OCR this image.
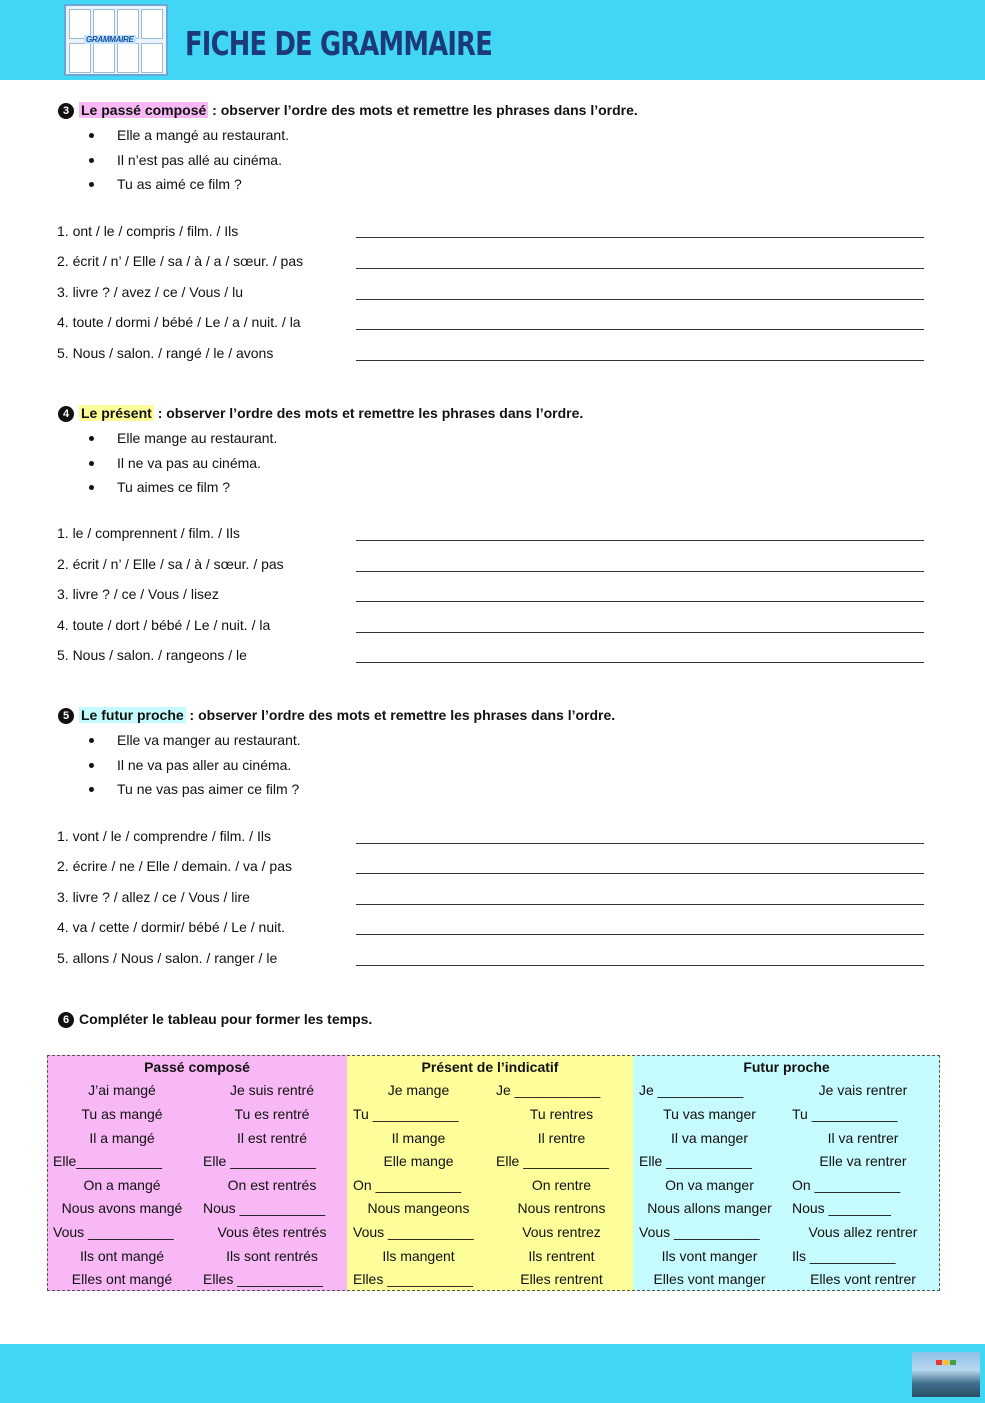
GRAMMAIRE FICHE DE GRAMMAIRE
3 Le passé composé : observer l’ordre des mots et remettre les phrases dans l’ordre.
Elle a mangé au restaurant.
Il n’est pas allé au cinéma.
Tu as aimé ce film ?
1. ont / le / compris / film. / Ils
2. écrit / n’ / Elle / sa / à / a / sœur. / pas
3. livre ? / avez / ce / Vous / lu
4. toute / dormi / bébé / Le / a / nuit. / la
5. Nous / salon. / rangé / le / avons
4 Le présent : observer l’ordre des mots et remettre les phrases dans l’ordre.
Elle mange au restaurant.
Il ne va pas au cinéma.
Tu aimes ce film ?
1. le / comprennent / film. / Ils
2. écrit / n’ / Elle / sa / à / sœur. / pas
3. livre ? / ce / Vous / lisez
4. toute / dort / bébé / Le / nuit. / la
5. Nous / salon. / rangeons / le
5 Le futur proche : observer l’ordre des mots et remettre les phrases dans l’ordre.
Elle va manger au restaurant.
Il ne va pas aller au cinéma.
Tu ne vas pas aimer ce film ?
1. vont / le / comprendre / film. / Ils
2. écrire / ne / Elle / demain. / va / pas
3. livre ? / allez / ce / Vous / lire
4. va / cette / dormir/ bébé / Le / nuit.
5. allons / Nous / salon. / ranger / le
6 Compléter le tableau pour former les temps.
Passé composé		Présent de l’indicatif		Futur proche	
J’ai mangé	Je suis rentré	Je mange	Je ___________	Je ___________	Je vais rentrer
Tu as mangé	Tu es rentré	Tu ___________	Tu rentres	Tu vas manger	Tu ___________
Il a mangé	Il est rentré	Il mange	Il rentre	Il va manger	Il va rentrer
Elle___________	Elle ___________	Elle mange	Elle ___________	Elle ___________	Elle va rentrer
On a mangé	On est rentrés	On ___________	On rentre	On va manger	On ___________
Nous avons mangé	Nous ___________	Nous mangeons	Nous rentrons	Nous allons manger	Nous ________
Vous ___________	Vous êtes rentrés	Vous ___________	Vous rentrez	Vous ___________	Vous allez rentrer
Ils ont mangé	Ils sont rentrés	Ils mangent	Ils rentrent	Ils vont manger	Ils ___________
Elles ont mangé	Elles ___________	Elles ___________	Elles rentrent	Elles vont manger	Elles vont rentrer
